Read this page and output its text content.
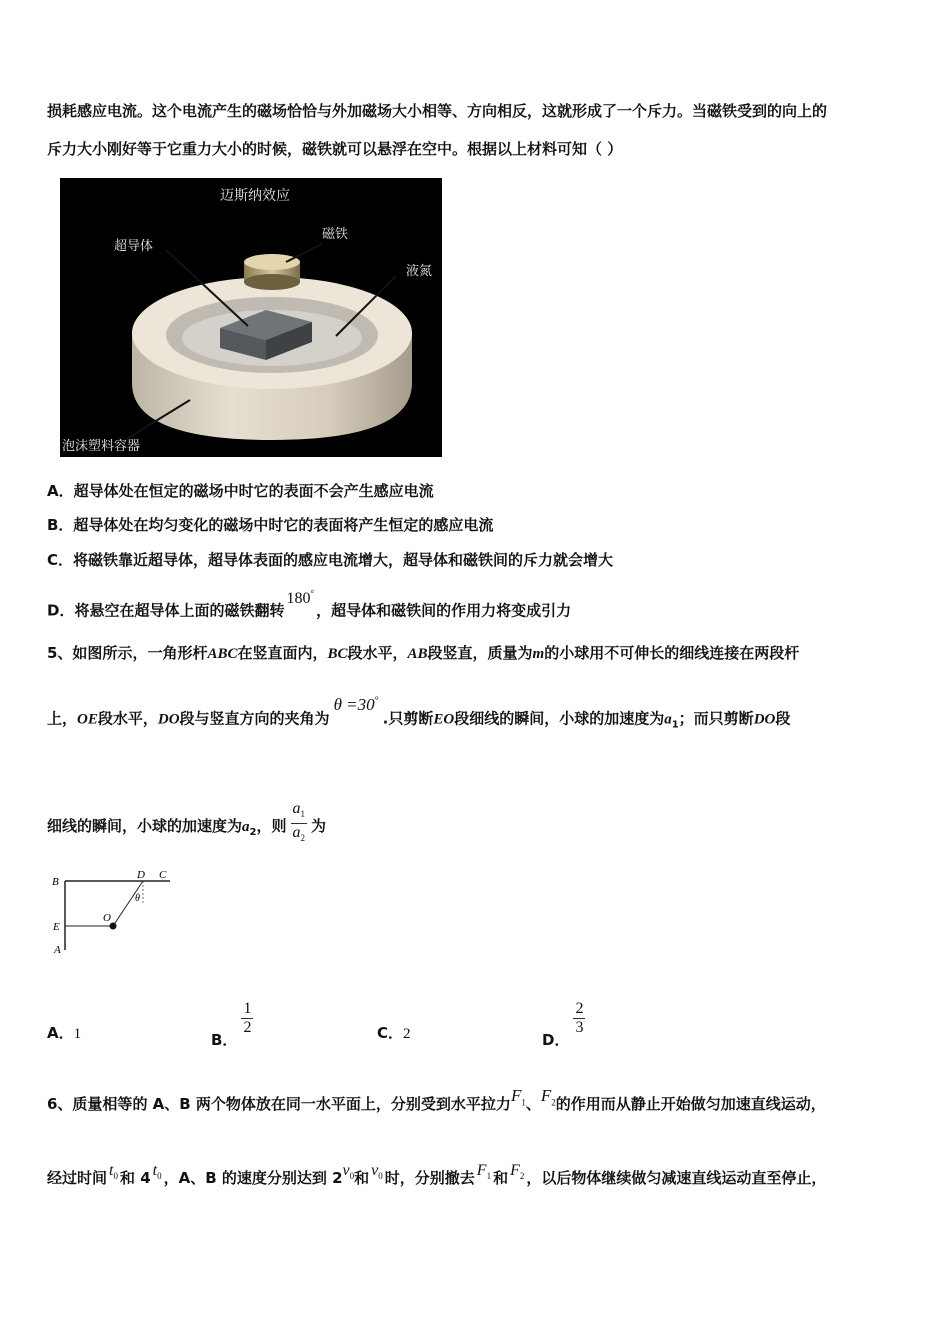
损耗感应电流。这个电流产生的磁场恰恰与外加磁场大小相等、方向相反，这就形成了一个斥力。当磁铁受到的向上的
斥力大小刚好等于它重力大小的时候，磁铁就可以悬浮在空中。根据以上材料可知（ ）
迈斯纳效应
超导体
磁铁
液氮
泡沫塑料容器
A．超导体处在恒定的磁场中时它的表面不会产生感应电流
B．超导体处在均匀变化的磁场中时它的表面将产生恒定的感应电流
C．将磁铁靠近超导体，超导体表面的感应电流增大，超导体和磁铁间的斥力就会增大
D．将悬空在超导体上面的磁铁翻转180°，超导体和磁铁间的作用力将变成引力
5、如图所示，一角形杆ABC在竖直面内，BC段水平，AB段竖直，质量为m的小球用不可伸长的细线连接在两段杆
上，OE段水平，DO段与竖直方向的夹角为θ =30°.只剪断EO段细线的瞬间，小球的加速度为$a_1$；而只剪断DO段
细线的瞬间，小球的加速度为$a_2$，则 $\frac{a_1}{a_2}$ 为
B
D C
θ
O
E
A
A．1	B．
$\frac{1}{2}$	C．2	D．
$\frac{2}{3}$
6、质量相等的 A、B 两个物体放在同一水平面上，分别受到水平拉力$F_1$、$F_2$的作用而从静止开始做匀加速直线运动，
经过时间 $t_0$ 和 4 $t_0$ ，A、B 的速度分别达到 $2v_0$和 $v_0$ 时，分别撤去 $F_1$ 和 $F_2$ ，以后物体继续做匀减速直线运动直至停止，
